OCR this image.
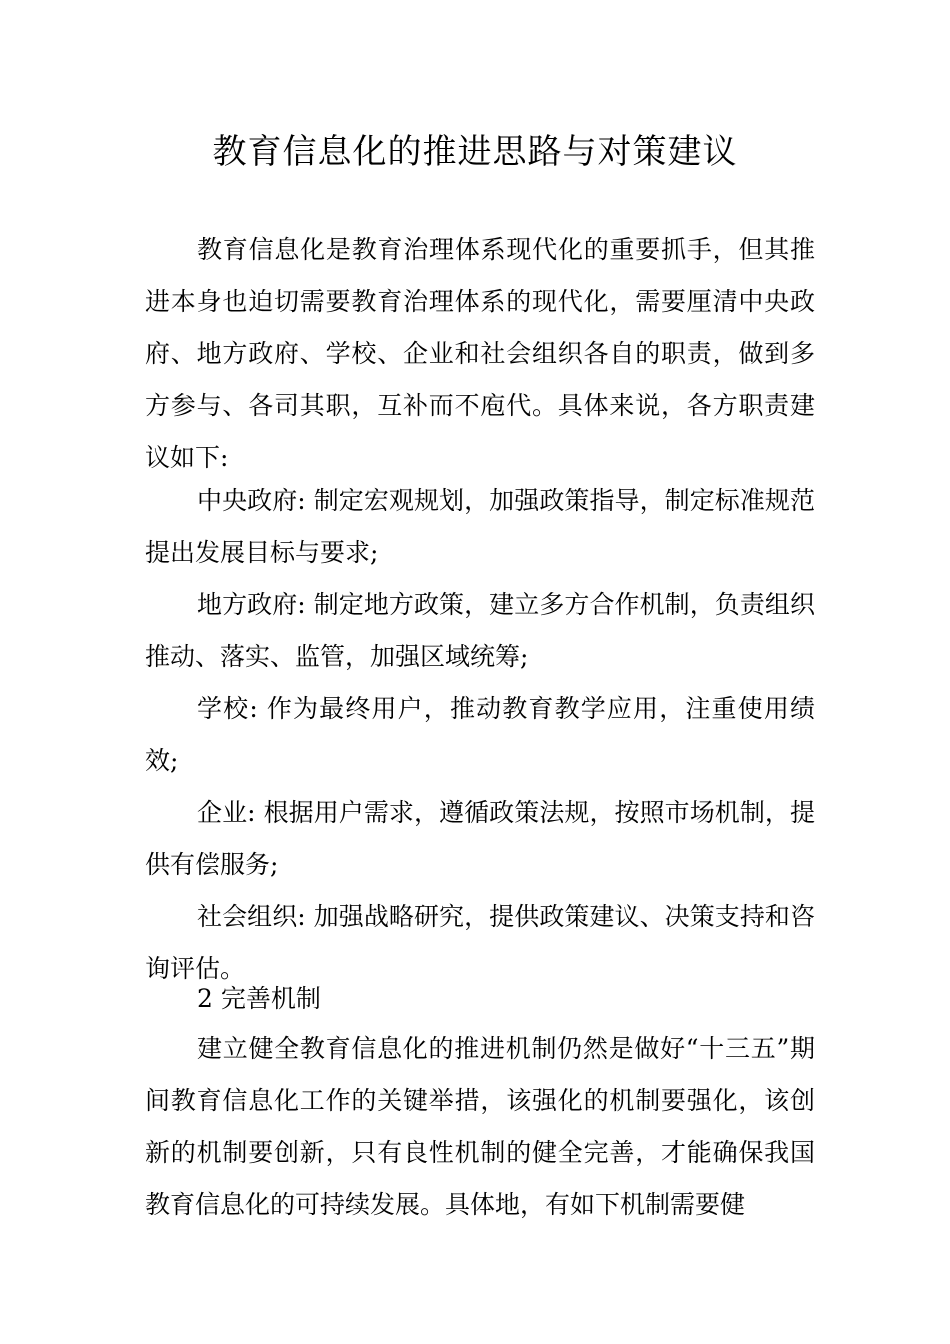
教育信息化的推进思路与对策建议

教育信息化是教育治理体系现代化的重要抓手，但其推进本身也迫切需要教育治理体系的现代化，需要厘清中央政府、地方政府、学校、企业和社会组织各自的职责，做到多方参与、各司其职，互补而不庖代。具体来说，各方职责建议如下:

中央政府: 制定宏观规划，加强政策指导，制定标准规范提出发展目标与要求;

地方政府: 制定地方政策，建立多方合作机制，负责组织推动、落实、监管，加强区域统筹;

学校: 作为最终用户，推动教育教学应用，注重使用绩效;

企业: 根据用户需求，遵循政策法规，按照市场机制，提供有偿服务;

社会组织: 加强战略研究，提供政策建议、决策支持和咨询评估。

2 完善机制

建立健全教育信息化的推进机制仍然是做好“十三五”期间教育信息化工作的关键举措，该强化的机制要强化，该创新的机制要创新，只有良性机制的健全完善，才能确保我国教育信息化的可持续发展。具体地，有如下机制需要健
